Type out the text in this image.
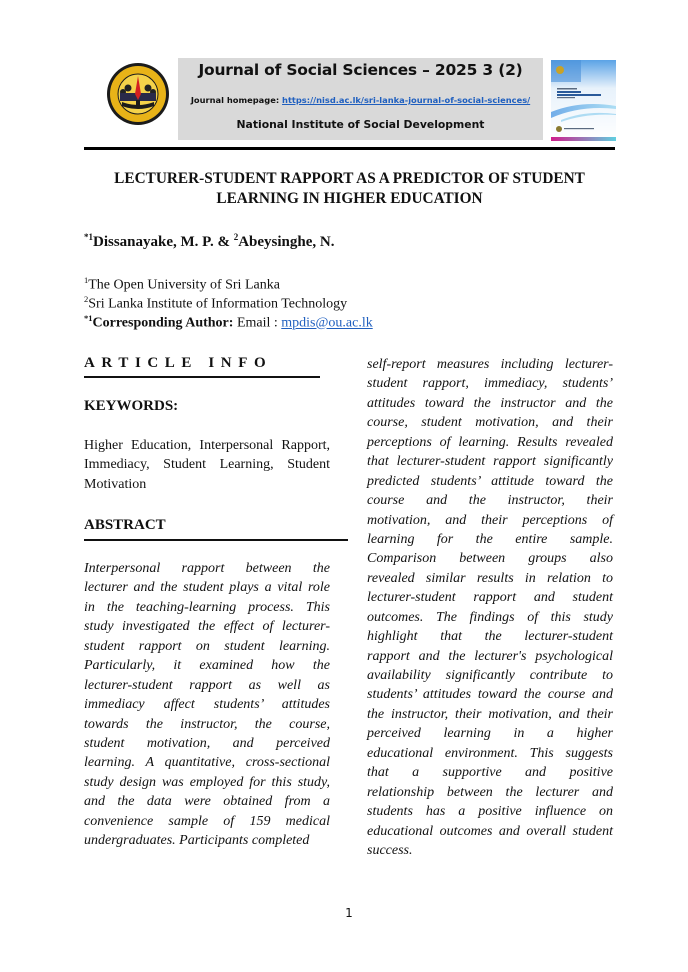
Journal of Social Sciences – 2025 3 (2)
Journal homepage: https://nisd.ac.lk/sri-lanka-journal-of-social-sciences/
National Institute of Social Development
LECTURER-STUDENT RAPPORT AS A PREDICTOR OF STUDENT
LEARNING IN HIGHER EDUCATION
$^{*1}$Dissanayake, M. P. & $^2$Abeysinghe, N.
$^1$The Open University of Sri Lanka
$^2$Sri Lanka Institute of Information Technology
$^{*1}$Corresponding Author: Email : mpdis@ou.ac.lk
ARTICLE INFO
KEYWORDS:
Higher Education, Interpersonal Rapport,
Immediacy, Student Learning, Student
Motivation
ABSTRACT
Interpersonal rapport between the
lecturer and the student plays a vital role
in the teaching-learning process. This
study investigated the effect of lecturer-
student rapport on student learning.
Particularly, it examined how the
lecturer-student rapport as well as
immediacy affect students’ attitudes
towards the instructor, the course,
student motivation, and perceived
learning. A quantitative, cross-sectional
study design was employed for this study,
and the data were obtained from a
convenience sample of 159 medical
undergraduates. Participants completed
self-report measures including lecturer-
student rapport, immediacy, students’
attitudes toward the instructor and the
course, student motivation, and their
perceptions of learning. Results revealed
that lecturer-student rapport significantly
predicted students’ attitude toward the
course and the instructor, their
motivation, and their perceptions of
learning for the entire sample.
Comparison between groups also
revealed similar results in relation to
lecturer-student rapport and student
outcomes. The findings of this study
highlight that the lecturer-student
rapport and the lecturer's psychological
availability significantly contribute to
students’ attitudes toward the course and
the instructor, their motivation, and their
perceived learning in a higher
educational environment. This suggests
that a supportive and positive
relationship between the lecturer and
students has a positive influence on
educational outcomes and overall student
success.
1
